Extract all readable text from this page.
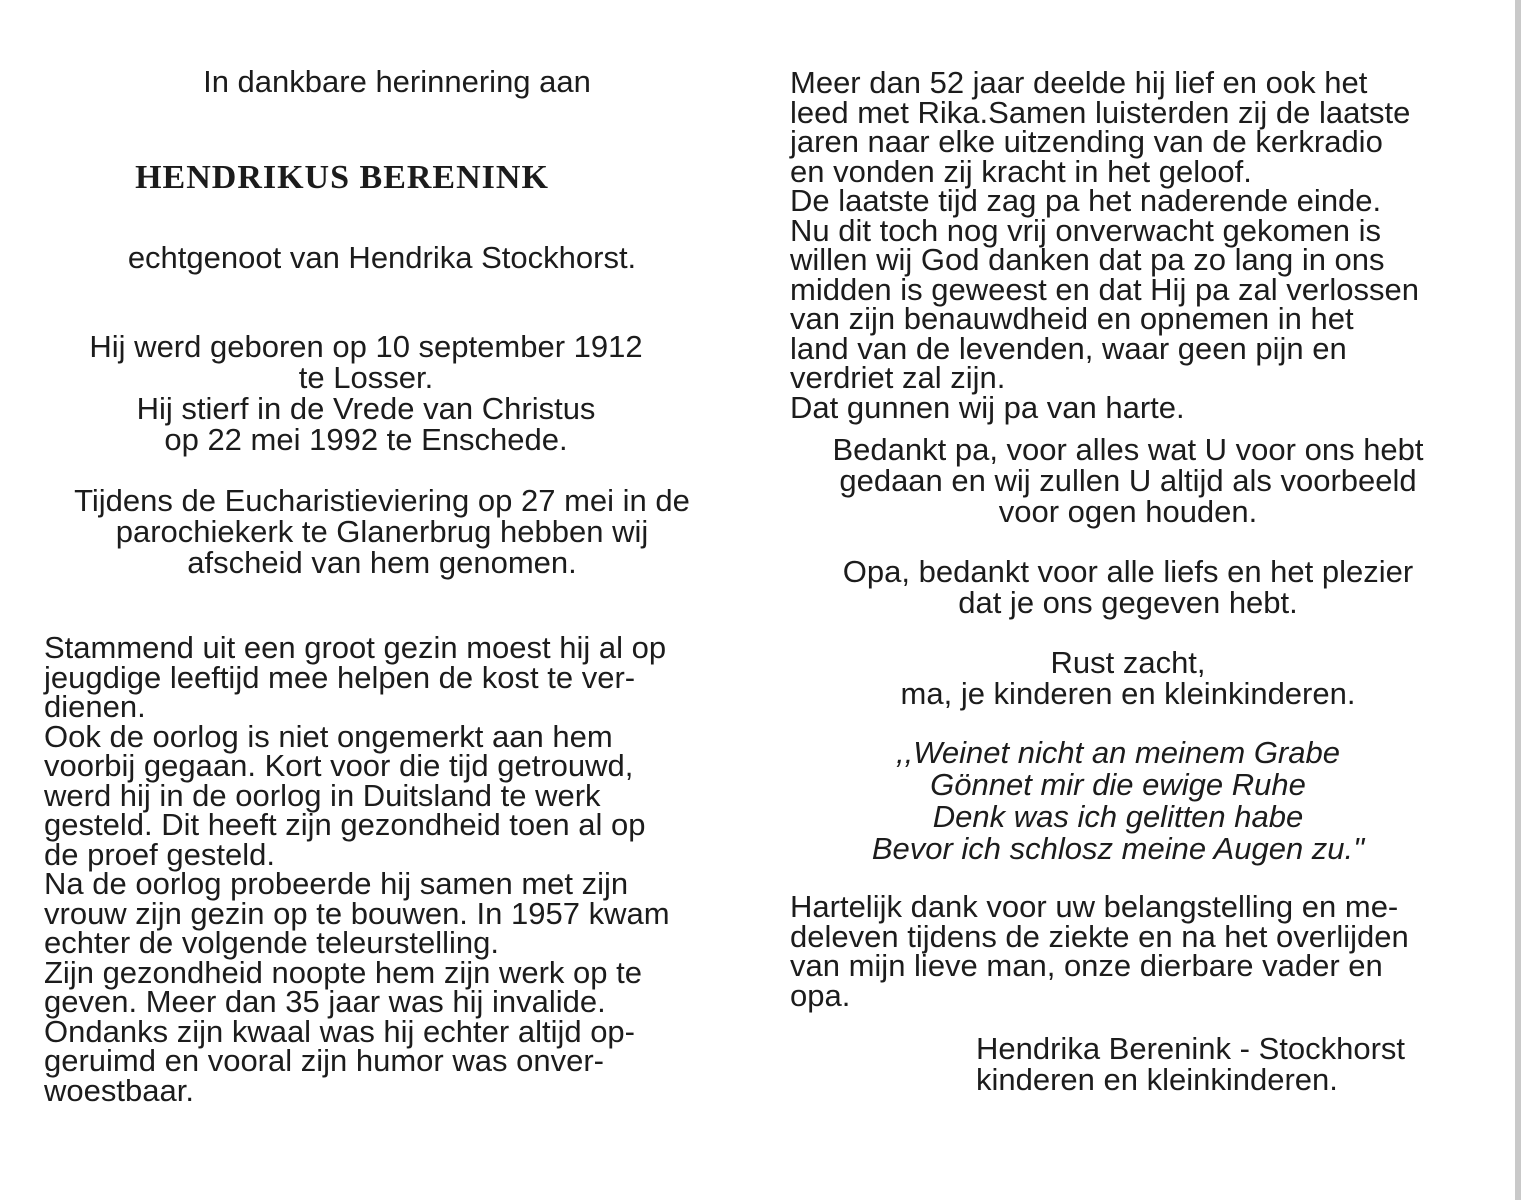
In dankbare herinnering aan

HENDRIKUS BERENINK

echtgenoot van Hendrika Stockhorst.

Hij werd geboren op 10 september 1912
te Losser.
Hij stierf in de Vrede van Christus
op 22 mei 1992 te Enschede.

Tijdens de Eucharistieviering op 27 mei in de
parochiekerk te Glanerbrug hebben wij
afscheid van hem genomen.

Stammend uit een groot gezin moest hij al op
jeugdige leeftijd mee helpen de kost te ver-
dienen.
Ook de oorlog is niet ongemerkt aan hem
voorbij gegaan. Kort voor die tijd getrouwd,
werd hij in de oorlog in Duitsland te werk
gesteld. Dit heeft zijn gezondheid toen al op
de proef gesteld.
Na de oorlog probeerde hij samen met zijn
vrouw zijn gezin op te bouwen. In 1957 kwam
echter de volgende teleurstelling.
Zijn gezondheid noopte hem zijn werk op te
geven. Meer dan 35 jaar was hij invalide.
Ondanks zijn kwaal was hij echter altijd op-
geruimd en vooral zijn humor was onver-
woestbaar.

Meer dan 52 jaar deelde hij lief en ook het
leed met Rika.Samen luisterden zij de laatste
jaren naar elke uitzending van de kerkradio
en vonden zij kracht in het geloof.
De laatste tijd zag pa het naderende einde.
Nu dit toch nog vrij onverwacht gekomen is
willen wij God danken dat pa zo lang in ons
midden is geweest en dat Hij pa zal verlossen
van zijn benauwdheid en opnemen in het
land van de levenden, waar geen pijn en
verdriet zal zijn.
Dat gunnen wij pa van harte.

Bedankt pa, voor alles wat U voor ons hebt
gedaan en wij zullen U altijd als voorbeeld
voor ogen houden.

Opa, bedankt voor alle liefs en het plezier
dat je ons gegeven hebt.

Rust zacht,
ma, je kinderen en kleinkinderen.

,,Weinet nicht an meinem Grabe
Gönnet mir die ewige Ruhe
Denk was ich gelitten habe
Bevor ich schlosz meine Augen zu."

Hartelijk dank voor uw belangstelling en me-
deleven tijdens de ziekte en na het overlijden
van mijn lieve man, onze dierbare vader en
opa.

Hendrika Berenink - Stockhorst
kinderen en kleinkinderen.
